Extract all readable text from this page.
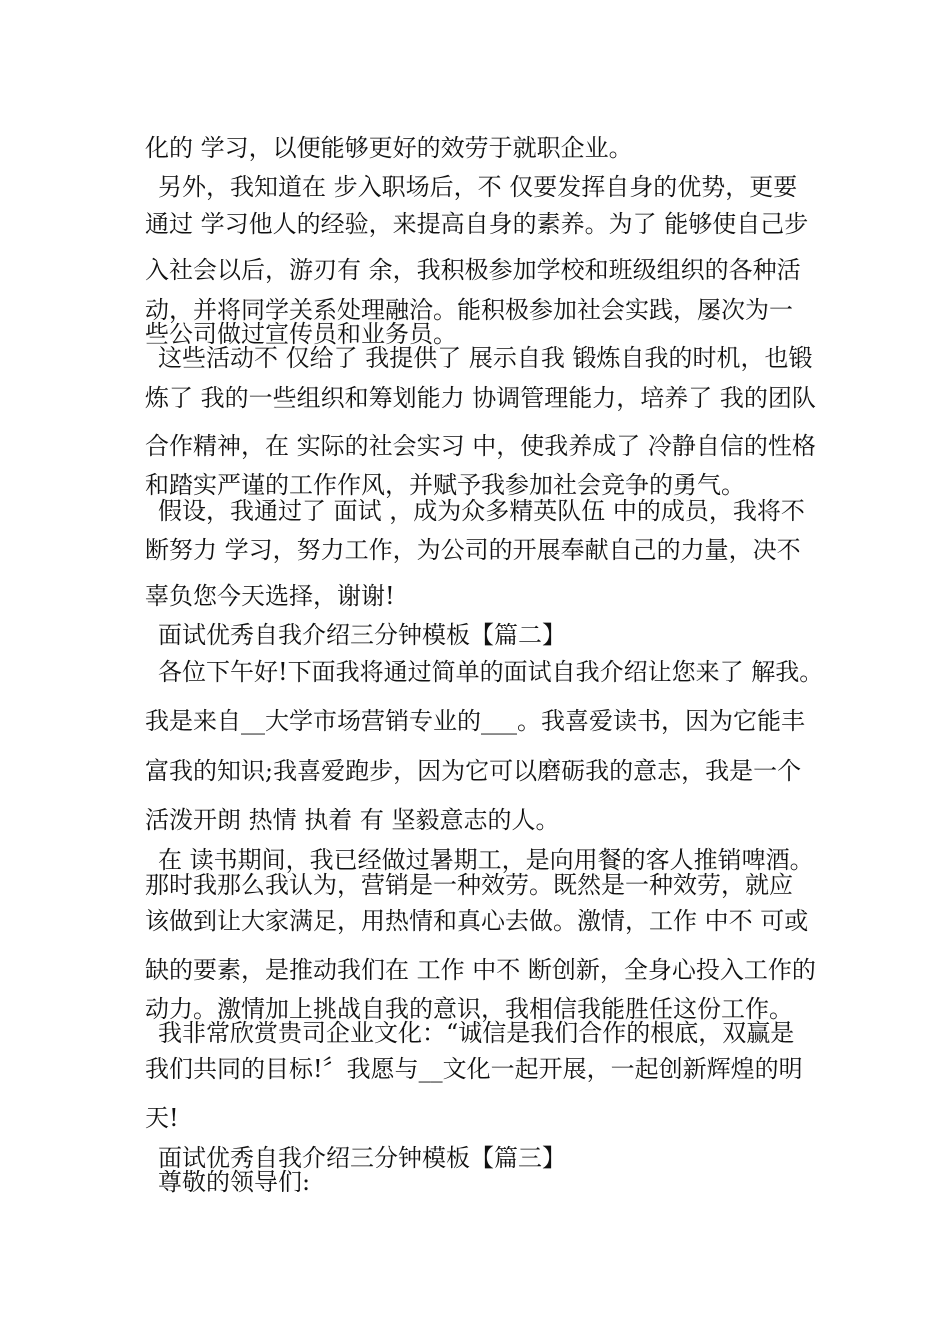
化的 学习，以便能够更好的效劳于就职企业。
另外，我知道在 步入职场后，不 仅要发挥自身的优势，更要
通过 学习他人的经验，来提高自身的素养。为了 能够使自己步
入社会以后，游刃有 余，我积极参加学校和班级组织的各种活
动，并将同学关系处理融洽。能积极参加社会实践，屡次为一
些公司做过宣传员和业务员。
这些活动不 仅给了 我提供了 展示自我 锻炼自我的时机，也锻
炼了 我的一些组织和筹划能力 协调管理能力，培养了 我的团队
合作精神，在 实际的社会实习 中，使我养成了 冷静自信的性格
和踏实严谨的工作作风，并赋予我参加社会竞争的勇气。
假设，我通过了 面试 ，成为众多精英队伍 中的成员，我将不
断努力 学习，努力工作，为公司的开展奉献自己的力量，决不
辜负您今天选择，谢谢!
面试优秀自我介绍三分钟模板【篇二】
各位下午好!下面我将通过简单的面试自我介绍让您来了 解我。
我是来自__大学市场营销专业的___。我喜爱读书，因为它能丰
富我的知识;我喜爱跑步，因为它可以磨砺我的意志，我是一个
活泼开朗 热情 执着 有 坚毅意志的人。
在 读书期间，我已经做过暑期工，是向用餐的客人推销啤酒。
那时我那么我认为，营销是一种效劳。既然是一种效劳，就应
该做到让大家满足，用热情和真心去做。激情，工作 中不 可或
缺的要素，是推动我们在 工作 中不 断创新，全身心投入工作的
动力。激情加上挑战自我的意识，我相信我能胜任这份工作。
我非常欣赏贵司企业文化：“诚信是我们合作的根底，双赢是
我们共同的目标!〞我愿与__文化一起开展，一起创新辉煌的明
天!
面试优秀自我介绍三分钟模板【篇三】
尊敬的领导们:
